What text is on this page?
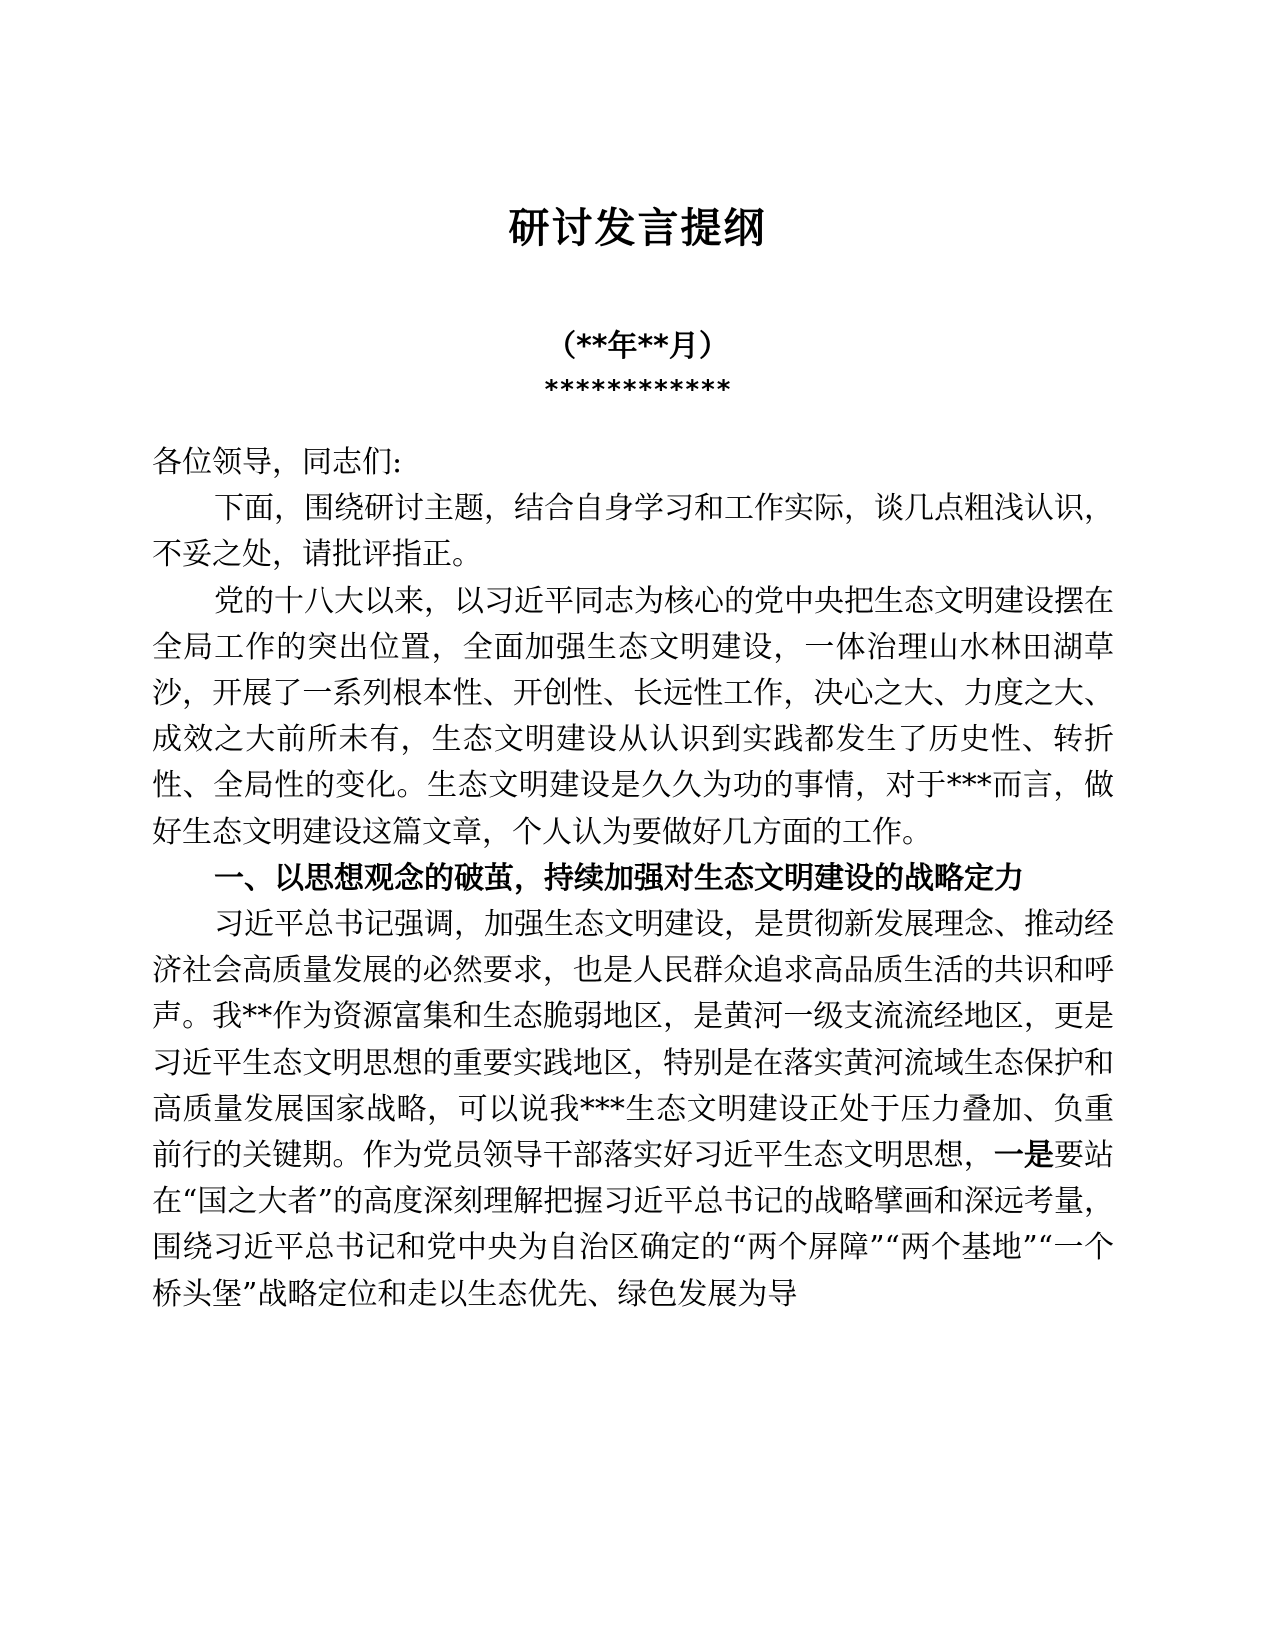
研讨发言提纲
（**年**月）
************

各位领导，同志们:

下面，围绕研讨主题，结合自身学习和工作实际，谈几点粗浅认识，不妥之处，请批评指正。

党的十八大以来，以习近平同志为核心的党中央把生态文明建设摆在全局工作的突出位置，全面加强生态文明建设，一体治理山水林田湖草沙，开展了一系列根本性、开创性、长远性工作，决心之大、力度之大、成效之大前所未有，生态文明建设从认识到实践都发生了历史性、转折性、全局性的变化。生态文明建设是久久为功的事情，对于***而言，做好生态文明建设这篇文章，个人认为要做好几方面的工作。

一、以思想观念的破茧，持续加强对生态文明建设的战略定力

习近平总书记强调，加强生态文明建设，是贯彻新发展理念、推动经济社会高质量发展的必然要求，也是人民群众追求高品质生活的共识和呼声。我**作为资源富集和生态脆弱地区，是黄河一级支流流经地区，更是习近平生态文明思想的重要实践地区，特别是在落实黄河流域生态保护和高质量发展国家战略，可以说我***生态文明建设正处于压力叠加、负重前行的关键期。作为党员领导干部落实好习近平生态文明思想，一是要站在“国之大者”的高度深刻理解把握习近平总书记的战略擘画和深远考量，围绕习近平总书记和党中央为自治区确定的“两个屏障”“两个基地”“一个桥头堡”战略定位和走以生态优先、绿色发展为导
